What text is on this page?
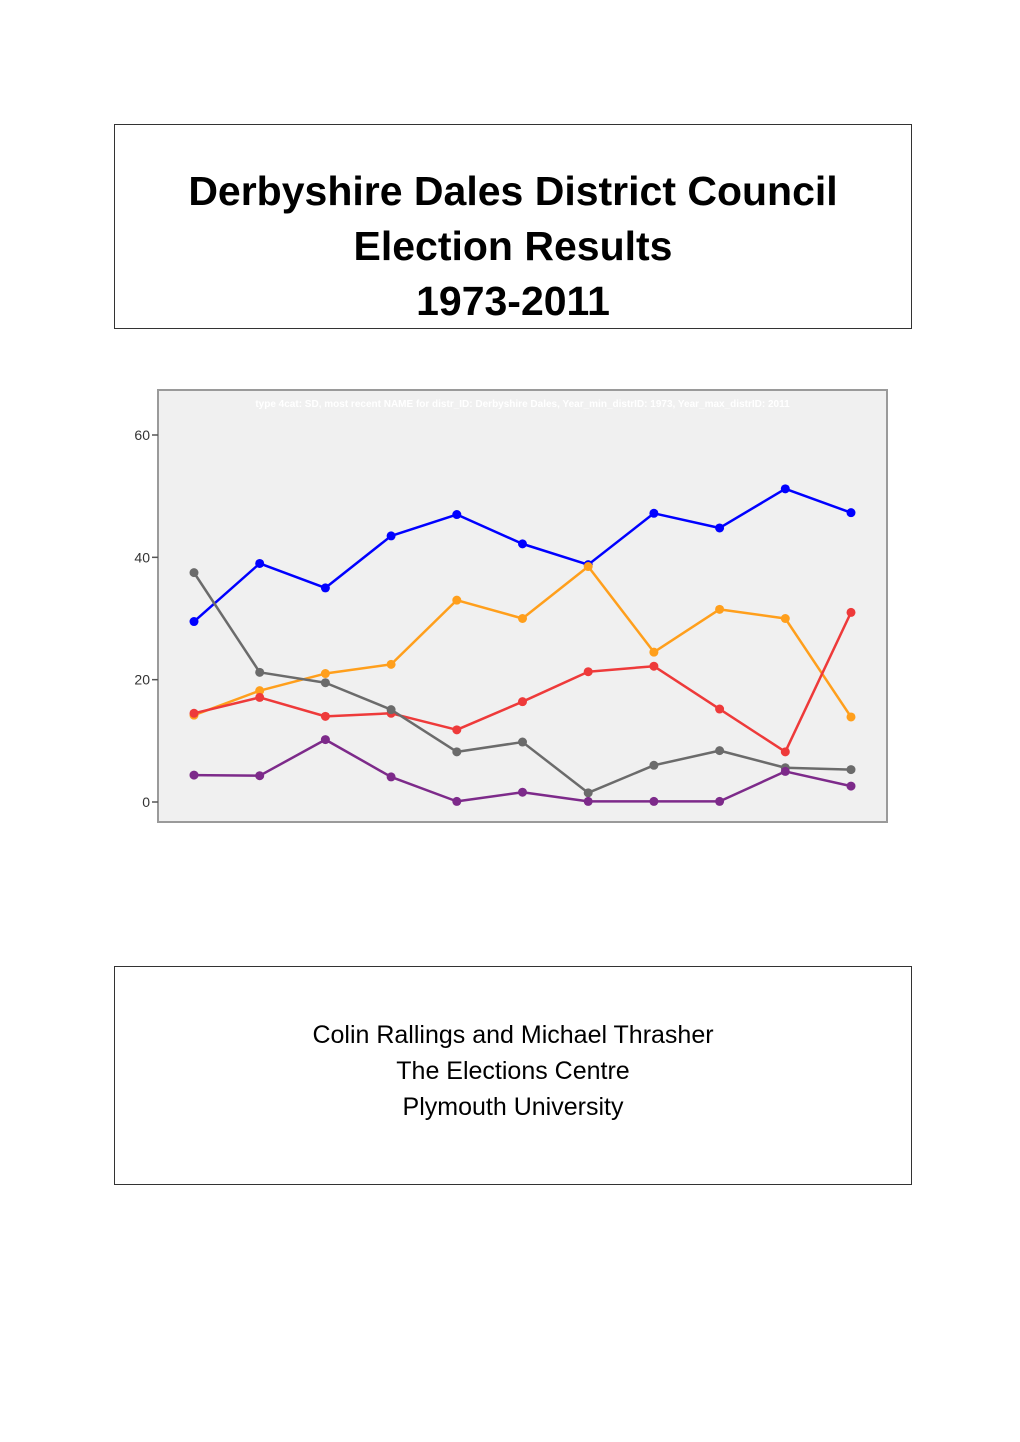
Derbyshire Dales District Council

Election Results

1973-2011

type 4cat: SD, most recent NAME for distr_ID: Derbyshire Dales, Year_min_distrID: 1973, Year_max_distrID: 2011
0
20
40
60

Colin Rallings and Michael Thrasher

The Elections Centre

Plymouth University
